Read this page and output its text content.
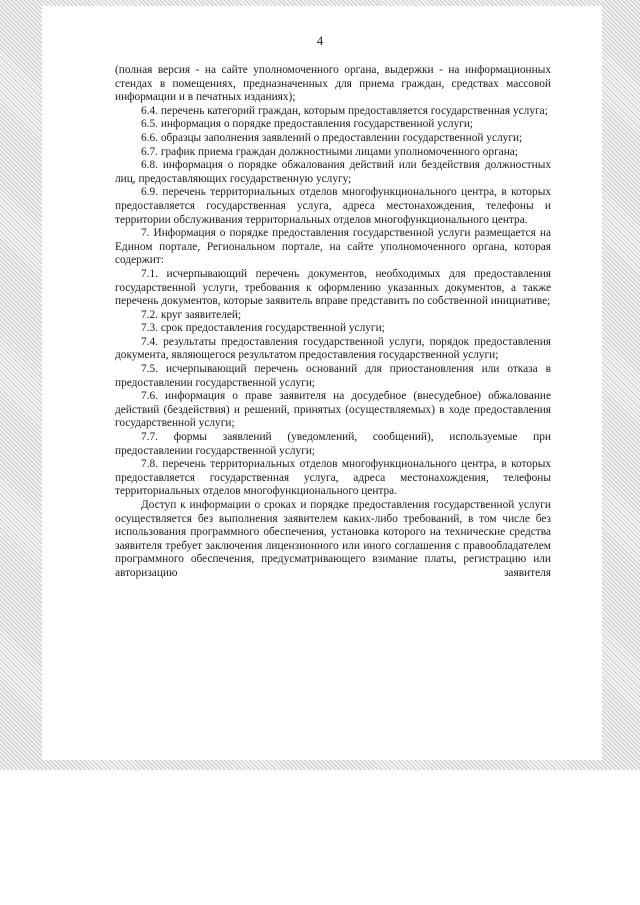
4

(полная версия - на сайте уполномоченного органа, выдержки - на информационных стендах в помещениях, предназначенных для приема граждан, средствах массовой информации и в печатных изданиях);

6.4. перечень категорий граждан, которым предоставляется государственная услуга;

6.5. информация о порядке предоставления государственной услуги;

6.6. образцы заполнения заявлений о предоставлении государственной услуги;

6.7. график приема граждан должностными лицами уполномоченного органа;

6.8. информация о порядке обжалования действий или бездействия должностных лиц, предоставляющих государственную услугу;

6.9. перечень территориальных отделов многофункционального центра, в которых предоставляется государственная услуга, адреса местонахождения, телефоны и территории обслуживания территориальных отделов многофункционального центра.

7. Информация о порядке предоставления государственной услуги размещается на Едином портале, Региональном портале, на сайте уполномоченного органа, которая содержит:

7.1. исчерпывающий перечень документов, необходимых для предоставления государственной услуги, требования к оформлению указанных документов, а также перечень документов, которые заявитель вправе представить по собственной инициативе;

7.2. круг заявителей;

7.3. срок предоставления государственной услуги;

7.4. результаты предоставления государственной услуги, порядок предоставления документа, являющегося результатом предоставления государственной услуги;

7.5. исчерпывающий перечень оснований для приостановления или отказа в предоставлении государственной услуги;

7.6. информация о праве заявителя на досудебное (внесудебное) обжалование действий (бездействия) и решений, принятых (осуществляемых) в ходе предоставления государственной услуги;

7.7. формы заявлений (уведомлений, сообщений), используемые при предоставлении государственной услуги;

7.8. перечень территориальных отделов многофункционального центра, в которых предоставляется государственная услуга, адреса местонахождения, телефоны территориальных отделов многофункционального центра.

Доступ к информации о сроках и порядке предоставления государственной услуги осуществляется без выполнения заявителем каких-либо требований, в том числе без использования программного обеспечения, установка которого на технические средства заявителя требует заключения лицензионного или иного соглашения с правообладателем программного обеспечения, предусматривающего взимание платы, регистрацию или авторизацию заявителя
